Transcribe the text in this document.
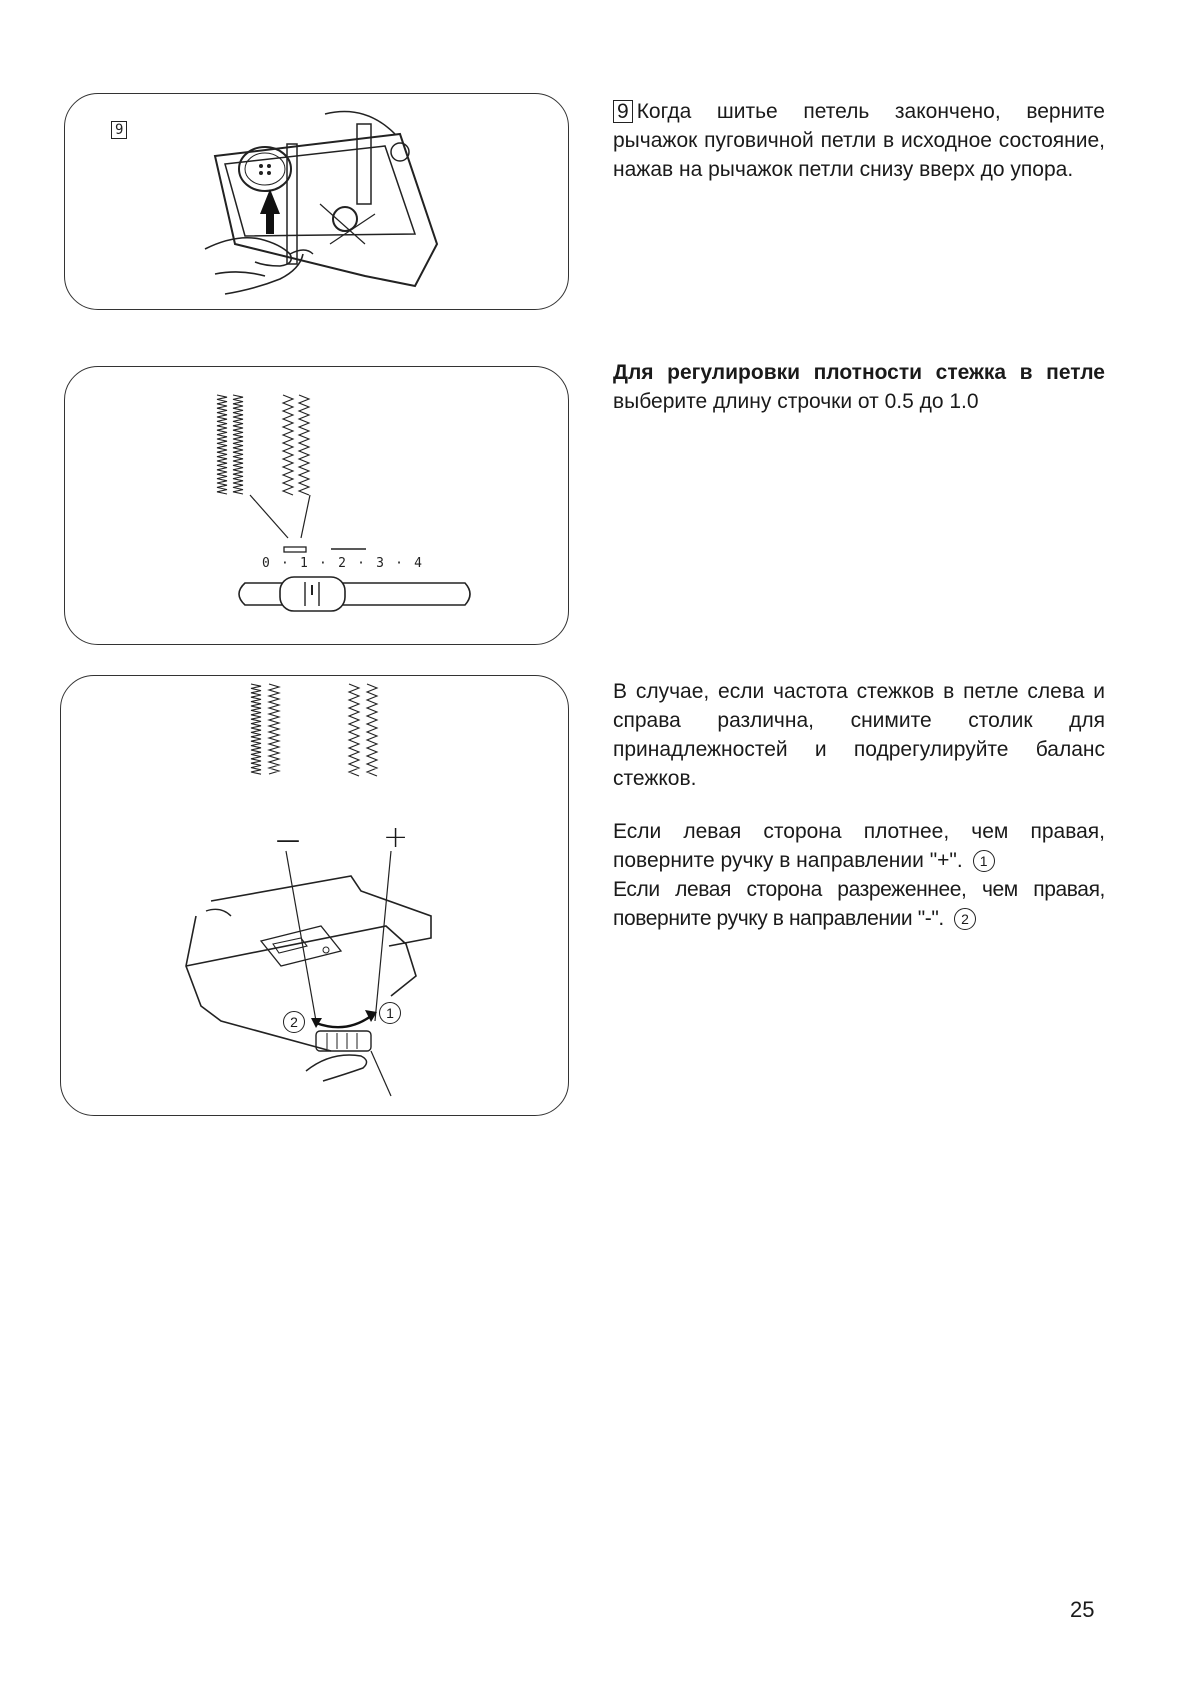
9
0 · 1 · 2 · 3 · 4
—	+
2
1

9 Когда шитье петель закончено, верните рычажок пуговичной петли в исходное состояние, нажав на рычажок петли снизу вверх до упора.

Для регулировки плотности стежка в петле выберите длину строчки от 0.5 до 1.0

В случае, если частота стежков в петле слева и справа различна, снимите столик для принадлежностей и подрегулируйте баланс стежков.

Если левая сторона плотнее, чем правая, поверните ручку в направлении "+". 1

Если левая сторона разреженнее, чем правая, поверните ручку в направлении "-". 2

25
